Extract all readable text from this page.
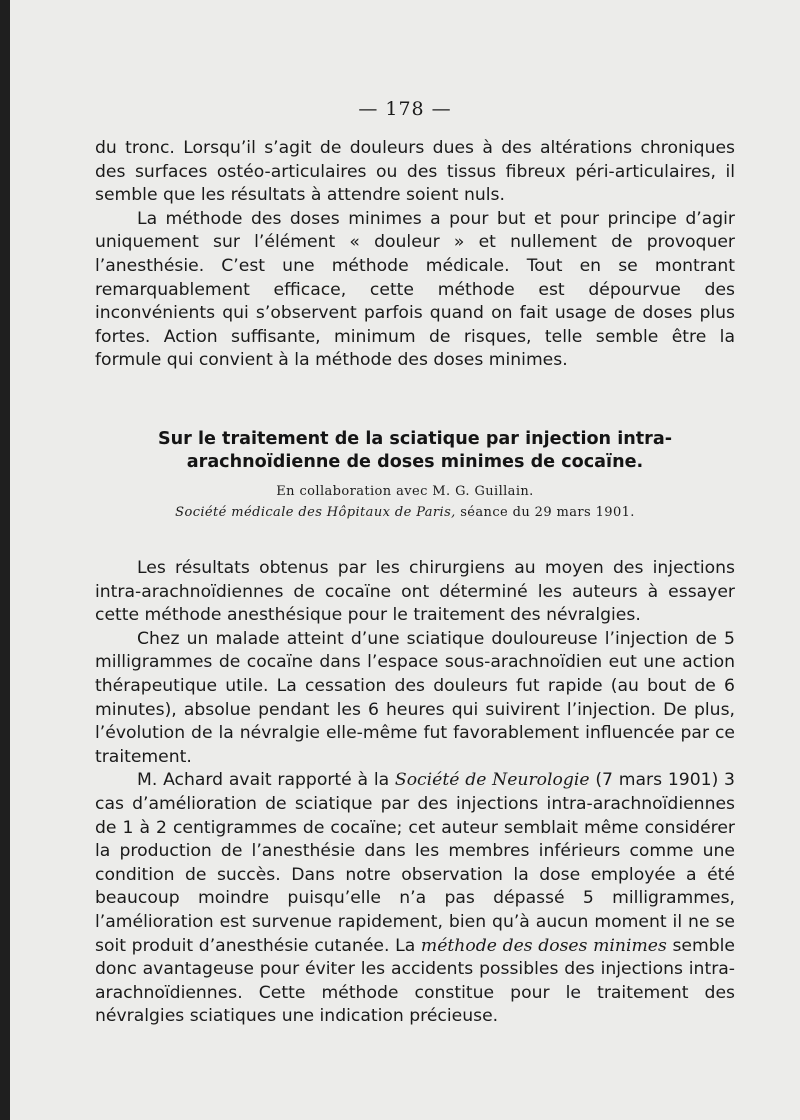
— 178 —

du tronc. Lorsqu’il s’agit de douleurs dues à des altérations chroniques des surfaces ostéo-articulaires ou des tissus fibreux péri-articulaires, il semble que les résultats à attendre soient nuls.

La méthode des doses minimes a pour but et pour principe d’agir uniquement sur l’élément « douleur » et nullement de provoquer l’anesthésie. C’est une méthode médicale. Tout en se montrant remarquablement efficace, cette méthode est dépourvue des inconvénients qui s’observent parfois quand on fait usage de doses plus fortes. Action suffisante, minimum de risques, telle semble être la formule qui convient à la méthode des doses minimes.

Sur le traitement de la sciatique par injection intra-arachnoïdienne de doses minimes de cocaïne.
En collaboration avec M. G. Guillain.
Société médicale des Hôpitaux de Paris, séance du 29 mars 1901.

Les résultats obtenus par les chirurgiens au moyen des injections intra-arachnoïdiennes de cocaïne ont déterminé les auteurs à essayer cette méthode anesthésique pour le traitement des névralgies.

Chez un malade atteint d’une sciatique douloureuse l’injection de 5 milligrammes de cocaïne dans l’espace sous-arachnoïdien eut une action thérapeutique utile. La cessation des douleurs fut rapide (au bout de 6 minutes), absolue pendant les 6 heures qui suivirent l’injection. De plus, l’évolution de la névralgie elle-même fut favorablement influencée par ce traitement.

M. Achard avait rapporté à la Société de Neurologie (7 mars 1901) 3 cas d’amélioration de sciatique par des injections intra-arachnoïdiennes de 1 à 2 centigrammes de cocaïne; cet auteur semblait même considérer la production de l’anesthésie dans les membres inférieurs comme une condition de succès. Dans notre observation la dose employée a été beaucoup moindre puisqu’elle n’a pas dépassé 5 milligrammes, l’amélioration est survenue rapidement, bien qu’à aucun moment il ne se soit produit d’anesthésie cutanée. La méthode des doses minimes semble donc avantageuse pour éviter les accidents possibles des injections intra-arachnoïdiennes. Cette méthode constitue pour le traitement des névralgies sciatiques une indication précieuse.
